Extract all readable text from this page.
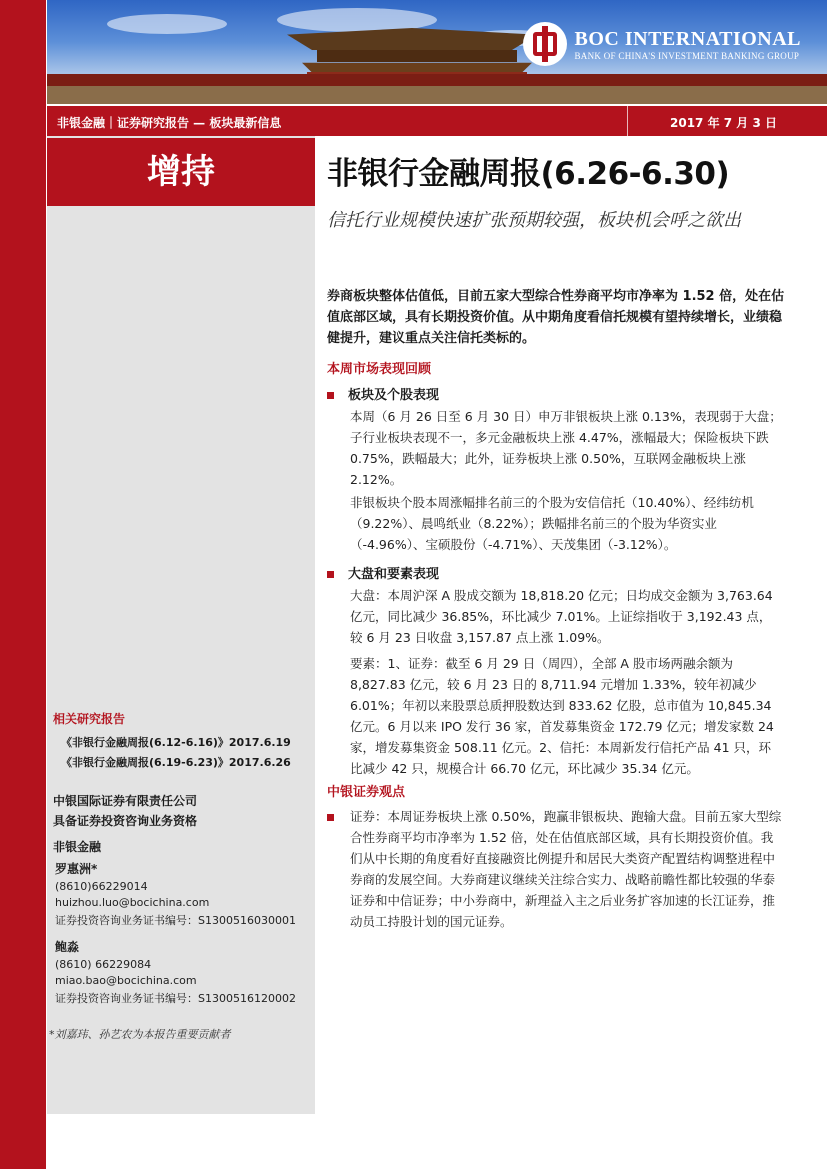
BOC INTERNATIONAL
BANK OF CHINA'S INVESTMENT BANKING GROUP
非银金融｜证券研究报告 — 板块最新信息	2017 年 7 月 3 日
相关研究报告
《非银行金融周报(6.12-6.16)》2017.6.19
《非银行金融周报(6.19-6.23)》2017.6.26
中银国际证券有限责任公司
具备证券投资咨询业务资格
非银金融
罗惠洲*
(8610)66229014
huizhou.luo@bocichina.com
证券投资咨询业务证书编号：S1300516030001
鲍淼
(8610) 66229084
miao.bao@bocichina.com
证券投资咨询业务证书编号：S1300516120002
*刘嘉玮、孙艺农为本报告重要贡献者
增持	非银行金融周报(6.26-6.30)
信托行业规模快速扩张预期较强，板块机会呼之欲出
券商板块整体估值低，目前五家大型综合性券商平均市净率为 1.52 倍，处在估值底部区域，具有长期投资价值。从中期角度看信托规模有望持续增长，业绩稳健提升，建议重点关注信托类标的。
本周市场表现回顾
板块及个股表现
本周（6 月 26 日至 6 月 30 日）申万非银板块上涨 0.13%，表现弱于大盘；子行业板块表现不一，多元金融板块上涨 4.47%，涨幅最大；保险板块下跌 0.75%，跌幅最大；此外，证券板块上涨 0.50%，互联网金融板块上涨 2.12%。
非银板块个股本周涨幅排名前三的个股为安信信托（10.40%）、经纬纺机（9.22%）、晨鸣纸业（8.22%）；跌幅排名前三的个股为华资实业（-4.96%）、宝硕股份（-4.71%）、天茂集团（-3.12%）。
大盘和要素表现
大盘：本周沪深 A 股成交额为 18,818.20 亿元；日均成交金额为 3,763.64 亿元，同比减少 36.85%，环比减少 7.01%。上证综指收于 3,192.43 点，较 6 月 23 日收盘 3,157.87 点上涨 1.09%。
要素：1、证券：截至 6 月 29 日（周四），全部 A 股市场两融余额为 8,827.83 亿元，较 6 月 23 日的 8,711.94 元增加 1.33%，较年初减少 6.01%；年初以来股票总质押股数达到 833.62 亿股，总市值为 10,845.34 亿元。6 月以来 IPO 发行 36 家，首发募集资金 172.79 亿元；增发家数 24 家，增发募集资金 508.11 亿元。2、信托：本周新发行信托产品 41 只，环比减少 42 只，规模合计 66.70 亿元，环比减少 35.34 亿元。
中银证券观点
证券：本周证券板块上涨 0.50%，跑赢非银板块、跑输大盘。目前五家大型综合性券商平均市净率为 1.52 倍，处在估值底部区域，具有长期投资价值。我们从中长期的角度看好直接融资比例提升和居民大类资产配置结构调整进程中券商的发展空间。大券商建议继续关注综合实力、战略前瞻性都比较强的华泰证券和中信证券；中小券商中，新理益入主之后业务扩容加速的长江证券，推动员工持股计划的国元证券。
